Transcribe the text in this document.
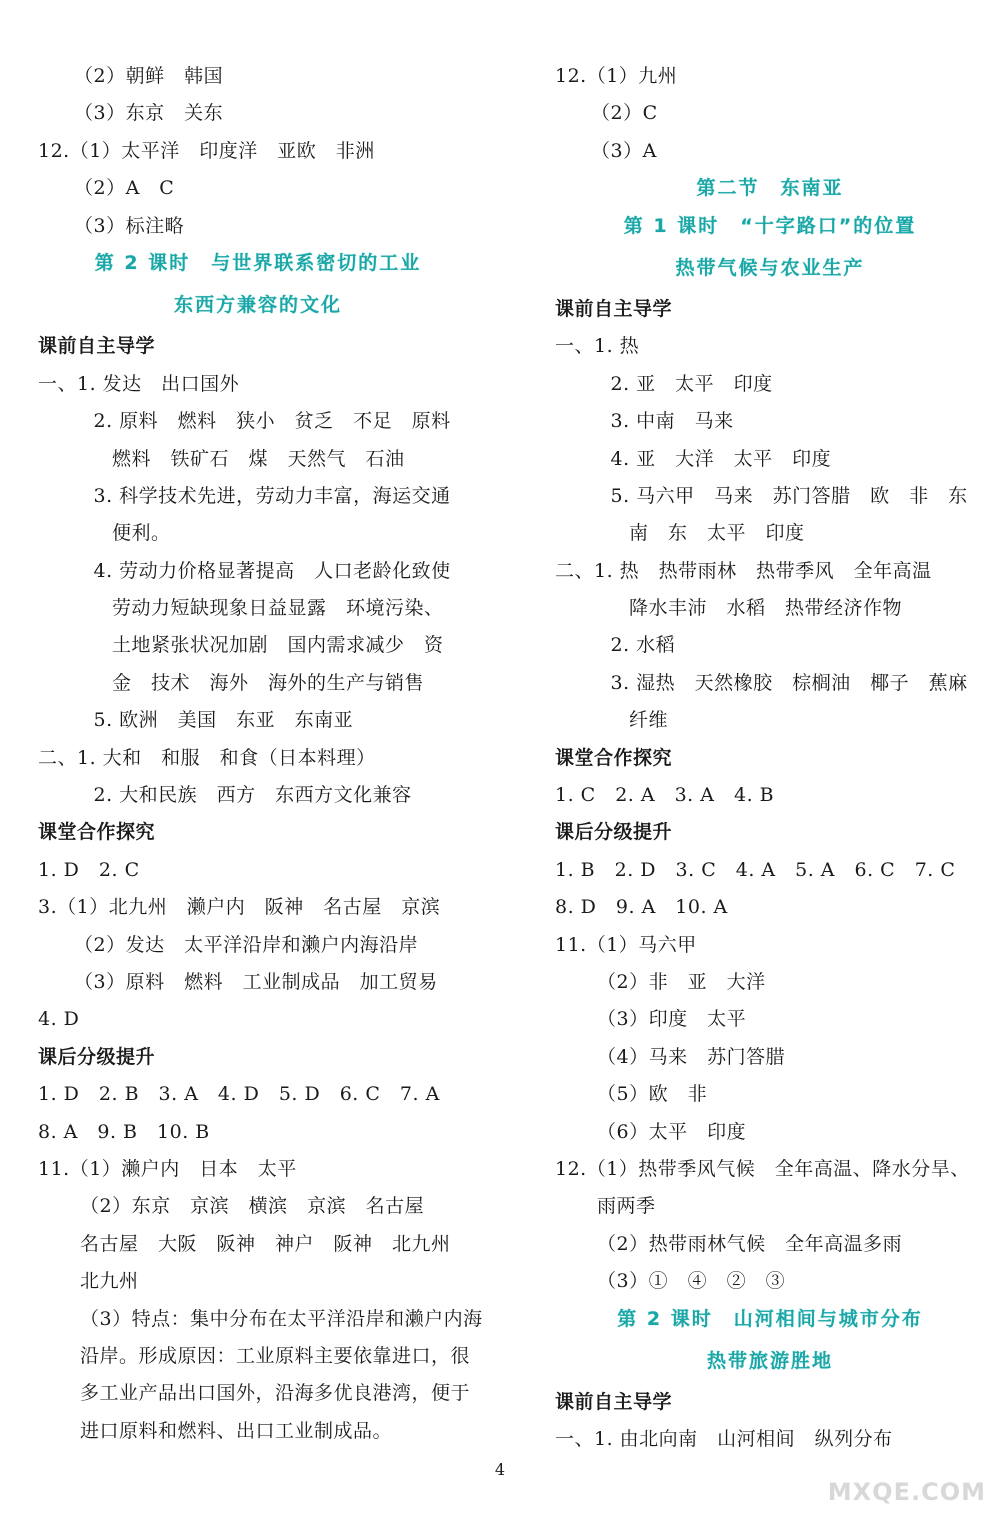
（2）朝鲜　韩国
（3）东京　关东
12.（1）太平洋　印度洋　亚欧　非洲
（2）A　C
（3）标注略
第 2 课时　与世界联系密切的工业
东西方兼容的文化
课前自主导学
一、1. 发达　出口国外
　2. 原料　燃料　狭小　贫乏　不足　原料
燃料　铁矿石　煤　天然气　石油
　3. 科学技术先进，劳动力丰富，海运交通
便利。
　4. 劳动力价格显著提高　人口老龄化致使
劳动力短缺现象日益显露　环境污染、
土地紧张状况加剧　国内需求减少　资
金　技术　海外　海外的生产与销售
　5. 欧洲　美国　东亚　东南亚
二、1. 大和　和服　和食（日本料理）
　2. 大和民族　西方　东西方文化兼容
课堂合作探究
1. D　2. C
3.（1）北九州　濑户内　阪神　名古屋　京滨
（2）发达　太平洋沿岸和濑户内海沿岸
（3）原料　燃料　工业制成品　加工贸易
4. D
课后分级提升
1. D　2. B　3. A　4. D　5. D　6. C　7. A
8. A　9. B　10. B
11.（1）濑户内　日本　太平
（2）东京　京滨　横滨　京滨　名古屋
名古屋　大阪　阪神　神户　阪神　北九州
北九州
（3）特点：集中分布在太平洋沿岸和濑户内海
沿岸。形成原因：工业原料主要依靠进口，很
多工业产品出口国外，沿海多优良港湾，便于
进口原料和燃料、出口工业制成品。
12.（1）九州
（2）C
（3）A
第二节　东南亚
第 1 课时　“十字路口”的位置
热带气候与农业生产
课前自主导学
一、1. 热
　2. 亚　太平　印度
　3. 中南　马来
　4. 亚　大洋　太平　印度
　5. 马六甲　马来　苏门答腊　欧　非　东
南　东　太平　印度
二、1. 热　热带雨林　热带季风　全年高温
降水丰沛　水稻　热带经济作物
　2. 水稻
　3. 湿热　天然橡胶　棕榈油　椰子　蕉麻
纤维
课堂合作探究
1. C　2. A　3. A　4. B
课后分级提升
1. B　2. D　3. C　4. A　5. A　6. C　7. C
8. D　9. A　10. A
11.（1）马六甲
（2）非　亚　大洋
（3）印度　太平
（4）马来　苏门答腊
（5）欧　非
（6）太平　印度
12.（1）热带季风气候　全年高温、降水分旱、
雨两季
（2）热带雨林气候　全年高温多雨
（3）①　④　②　③
第 2 课时　山河相间与城市分布
热带旅游胜地
课前自主导学
一、1. 由北向南　山河相间　纵列分布
4
MXQE.COM
